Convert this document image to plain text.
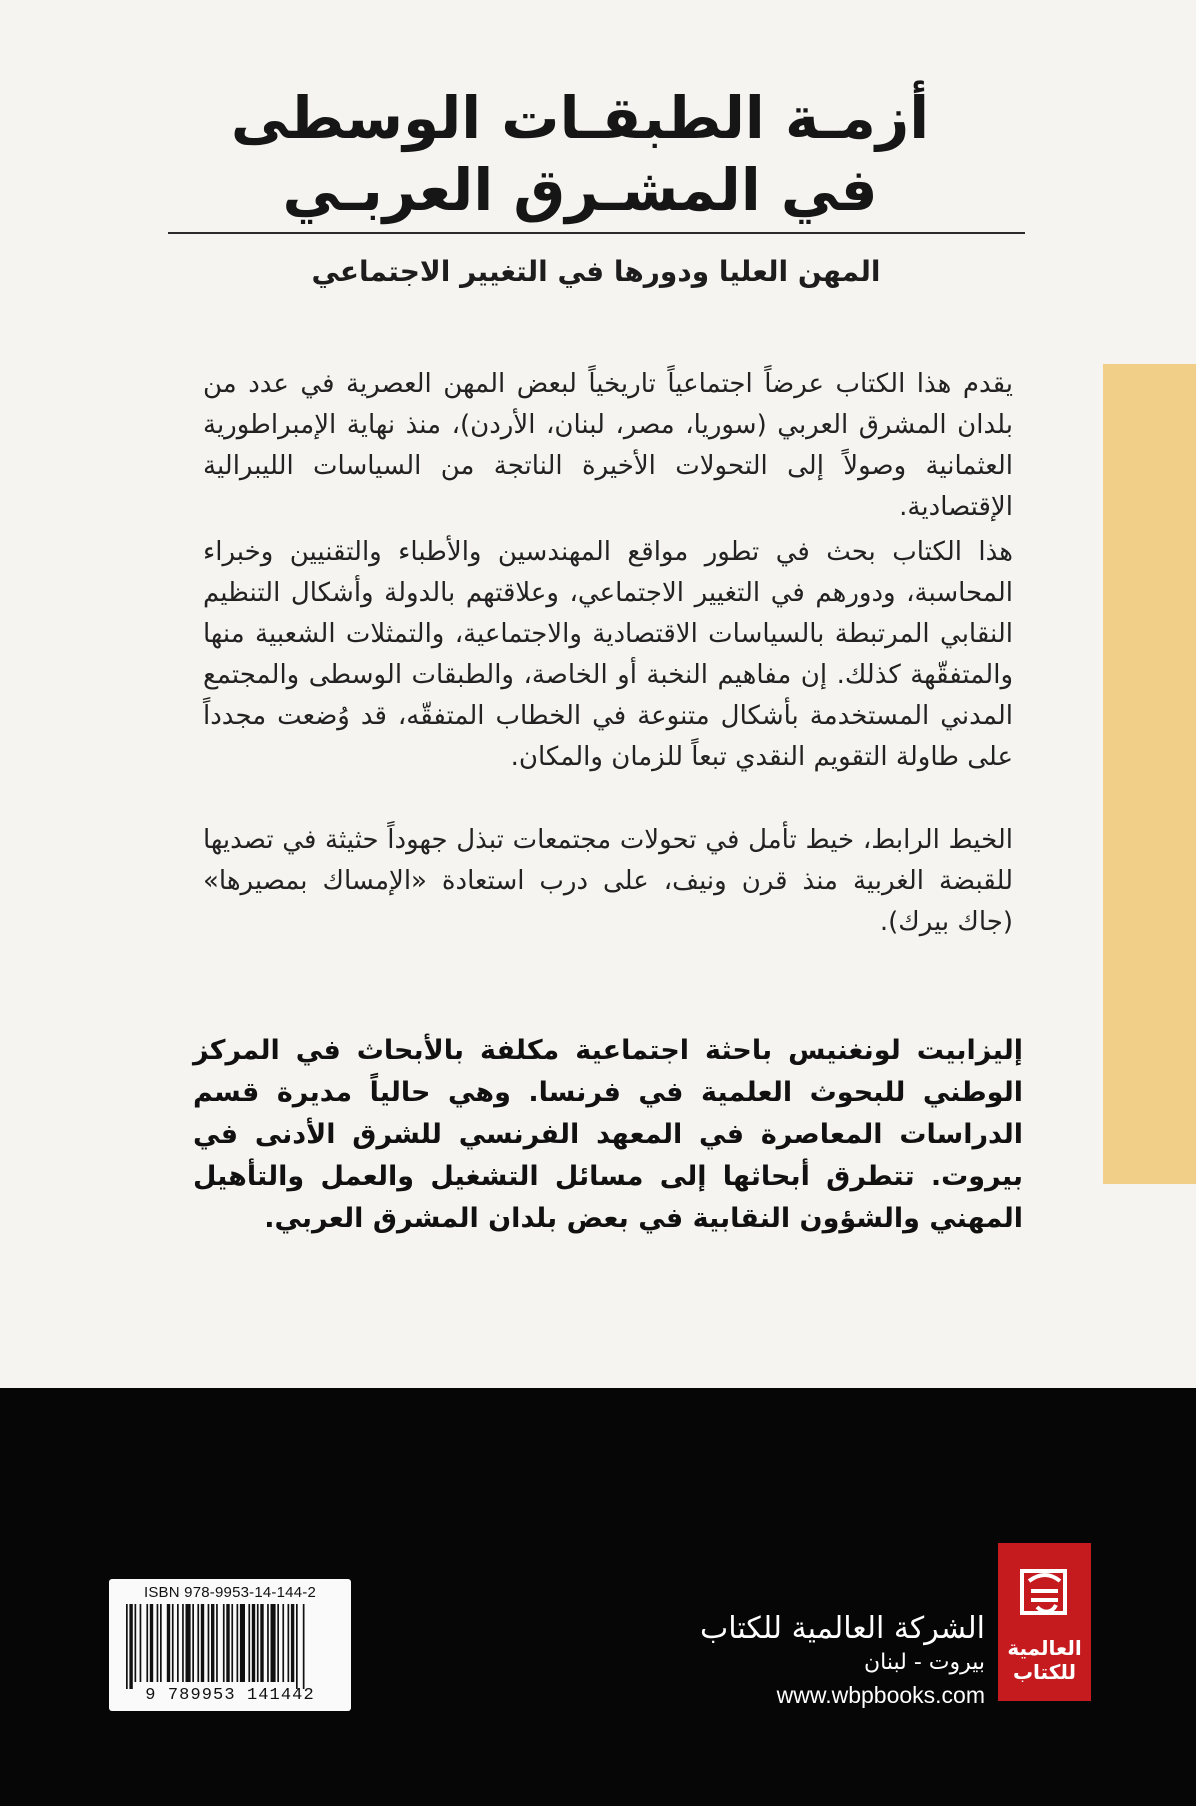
أزمـة الطبقـات الوسطى
في المشـرق العربـي
المهن العليا ودورها في التغيير الاجتماعي
يقدم هذا الكتاب عرضاً اجتماعياً تاريخياً لبعض المهن العصرية في عدد من بلدان المشرق العربي (سوريا، مصر، لبنان، الأردن)، منذ نهاية الإمبراطورية العثمانية وصولاً إلى التحولات الأخيرة الناتجة من السياسات الليبرالية الإقتصادية.
هذا الكتاب بحث في تطور مواقع المهندسين والأطباء والتقنيين وخبراء المحاسبة، ودورهم في التغيير الاجتماعي، وعلاقتهم بالدولة وأشكال التنظيم النقابي المرتبطة بالسياسات الاقتصادية والاجتماعية، والتمثلات الشعبية منها والمتفقّهة كذلك. إن مفاهيم النخبة أو الخاصة، والطبقات الوسطى والمجتمع المدني المستخدمة بأشكال متنوعة في الخطاب المتفقّه، قد وُضعت مجدداً على طاولة التقويم النقدي تبعاً للزمان والمكان.
الخيط الرابط، خيط تأمل في تحولات مجتمعات تبذل جهوداً حثيثة في تصديها للقبضة الغربية منذ قرن ونيف، على درب استعادة «الإمساك بمصيرها» (جاك بيرك).
إليزابيت لونغنيس باحثة اجتماعية مكلفة بالأبحاث في المركز الوطني للبحوث العلمية في فرنسا. وهي حالياً مديرة قسم الدراسات المعاصرة في المعهد الفرنسي للشرق الأدنى في بيروت. تتطرق أبحاثها إلى مسائل التشغيل والعمل والتأهيل المهني والشؤون النقابية في بعض بلدان المشرق العربي.
ISBN 978-9953-14-144-2
9 789953 141442
الشركة العالمية للكتاب
بيروت - لبنان
www.wbpbooks.com
العالمية
للكتاب
